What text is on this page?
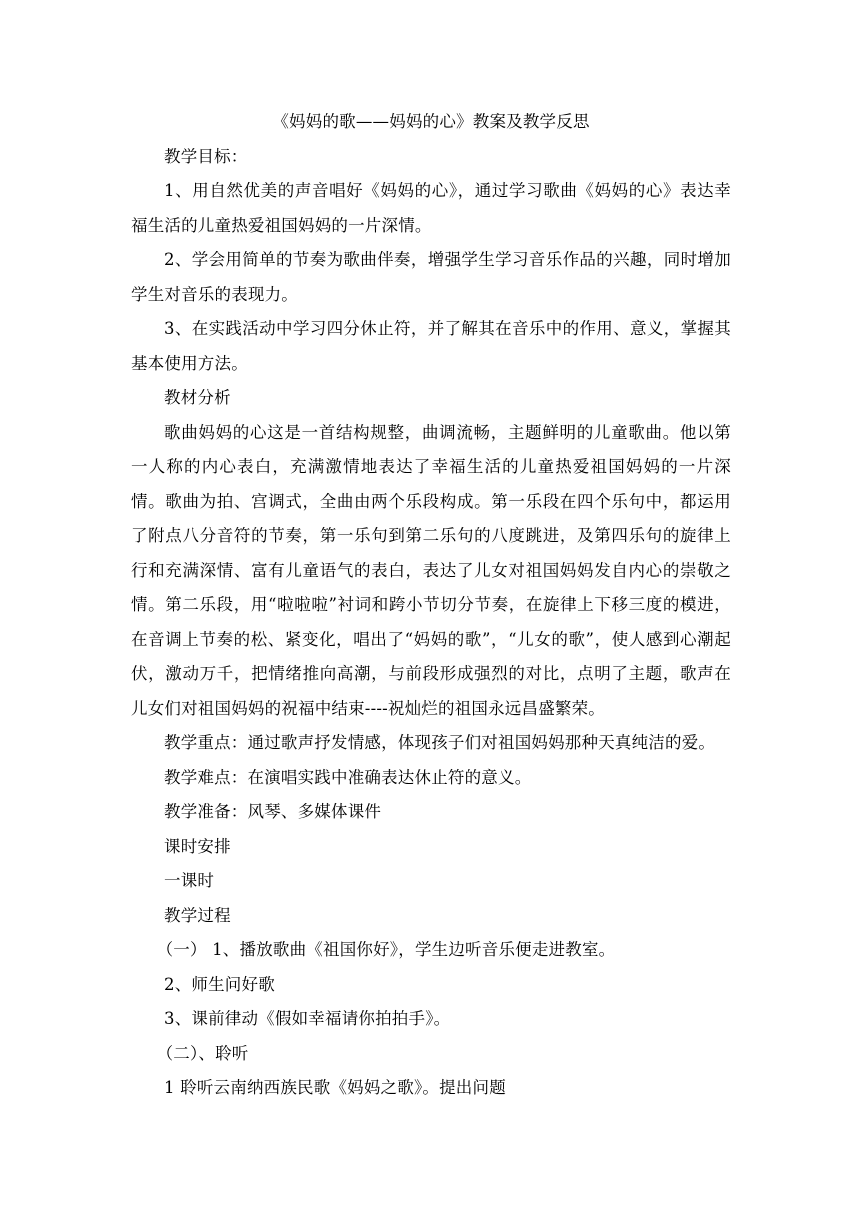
《妈妈的歌——妈妈的心》教案及教学反思

教学目标：

1、用自然优美的声音唱好《妈妈的心》，通过学习歌曲《妈妈的心》表达幸福生活的儿童热爱祖国妈妈的一片深情。

2、学会用简单的节奏为歌曲伴奏，增强学生学习音乐作品的兴趣，同时增加学生对音乐的表现力。

3、在实践活动中学习四分休止符，并了解其在音乐中的作用、意义，掌握其基本使用方法。

教材分析

歌曲妈妈的心这是一首结构规整，曲调流畅，主题鲜明的儿童歌曲。他以第一人称的内心表白，充满激情地表达了幸福生活的儿童热爱祖国妈妈的一片深情。歌曲为拍、宫调式，全曲由两个乐段构成。第一乐段在四个乐句中，都运用了附点八分音符的节奏，第一乐句到第二乐句的八度跳进，及第四乐句的旋律上行和充满深情、富有儿童语气的表白，表达了儿女对祖国妈妈发自内心的崇敬之情。第二乐段，用“啦啦啦”衬词和跨小节切分节奏，在旋律上下移三度的模进，在音调上节奏的松、紧变化，唱出了“妈妈的歌”，“儿女的歌”，使人感到心潮起伏，激动万千，把情绪推向高潮，与前段形成强烈的对比，点明了主题，歌声在儿女们对祖国妈妈的祝福中结束----祝灿烂的祖国永远昌盛繁荣。

教学重点：通过歌声抒发情感，体现孩子们对祖国妈妈那种天真纯洁的爱。

教学难点：在演唱实践中准确表达休止符的意义。

教学准备：风琴、多媒体课件

课时安排

一课时

教学过程

（一） 1、播放歌曲《祖国你好》，学生边听音乐便走进教室。

2、师生问好歌

3、课前律动《假如幸福请你拍拍手》。

（二）、聆听

1 聆听云南纳西族民歌《妈妈之歌》。提出问题
